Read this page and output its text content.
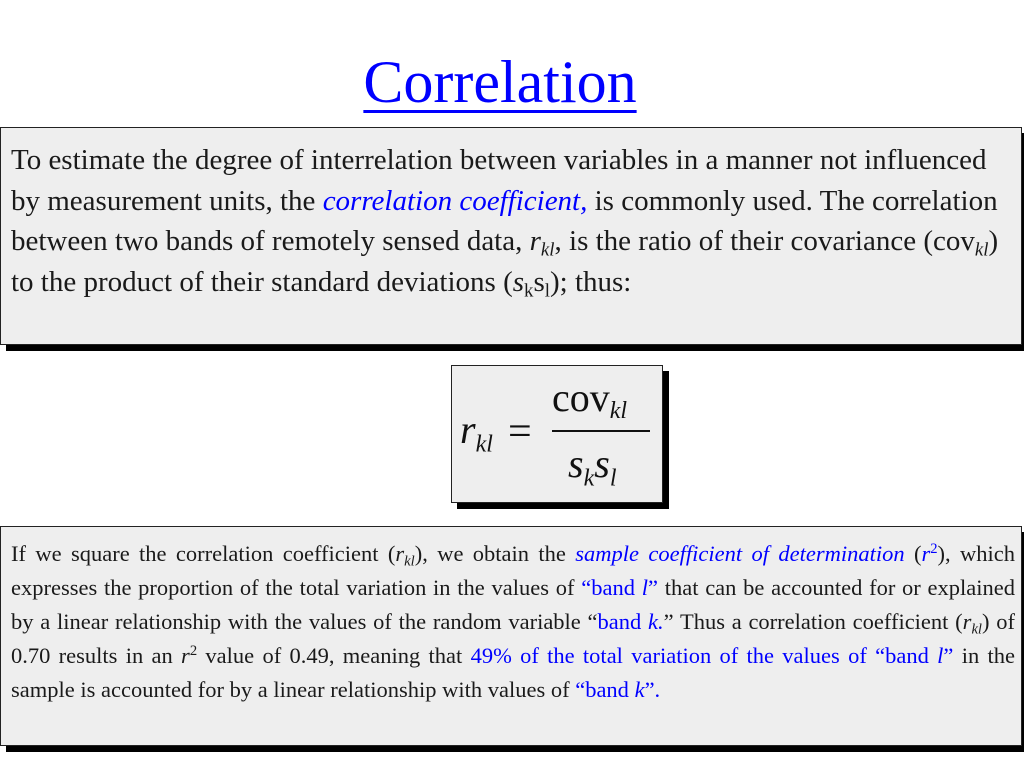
Correlation
To estimate the degree of interrelation between variables in a manner not influenced by measurement units, the correlation coefficient, is commonly used. The correlation between two bands of remotely sensed data, $r_{kl}$, is the ratio of their covariance (cov$_{kl}$) to the product of their standard deviations $(s_ks_l)$; thus:
$r_{kl}$ =
cov$_{kl}$
$s_ks_l$
If we square the correlation coefficient $(r_{kl})$, we obtain the sample coefficient of determination $(r^2)$, which expresses the proportion of the total variation in the values of “band l” that can be accounted for or explained by a linear relationship with the values of the random variable “band k.” Thus a correlation coefficient $(r_{kl})$ of 0.70 results in an $r^2$ value of 0.49, meaning that 49% of the total variation of the values of “band l” in the sample is accounted for by a linear relationship with values of “band k”.
